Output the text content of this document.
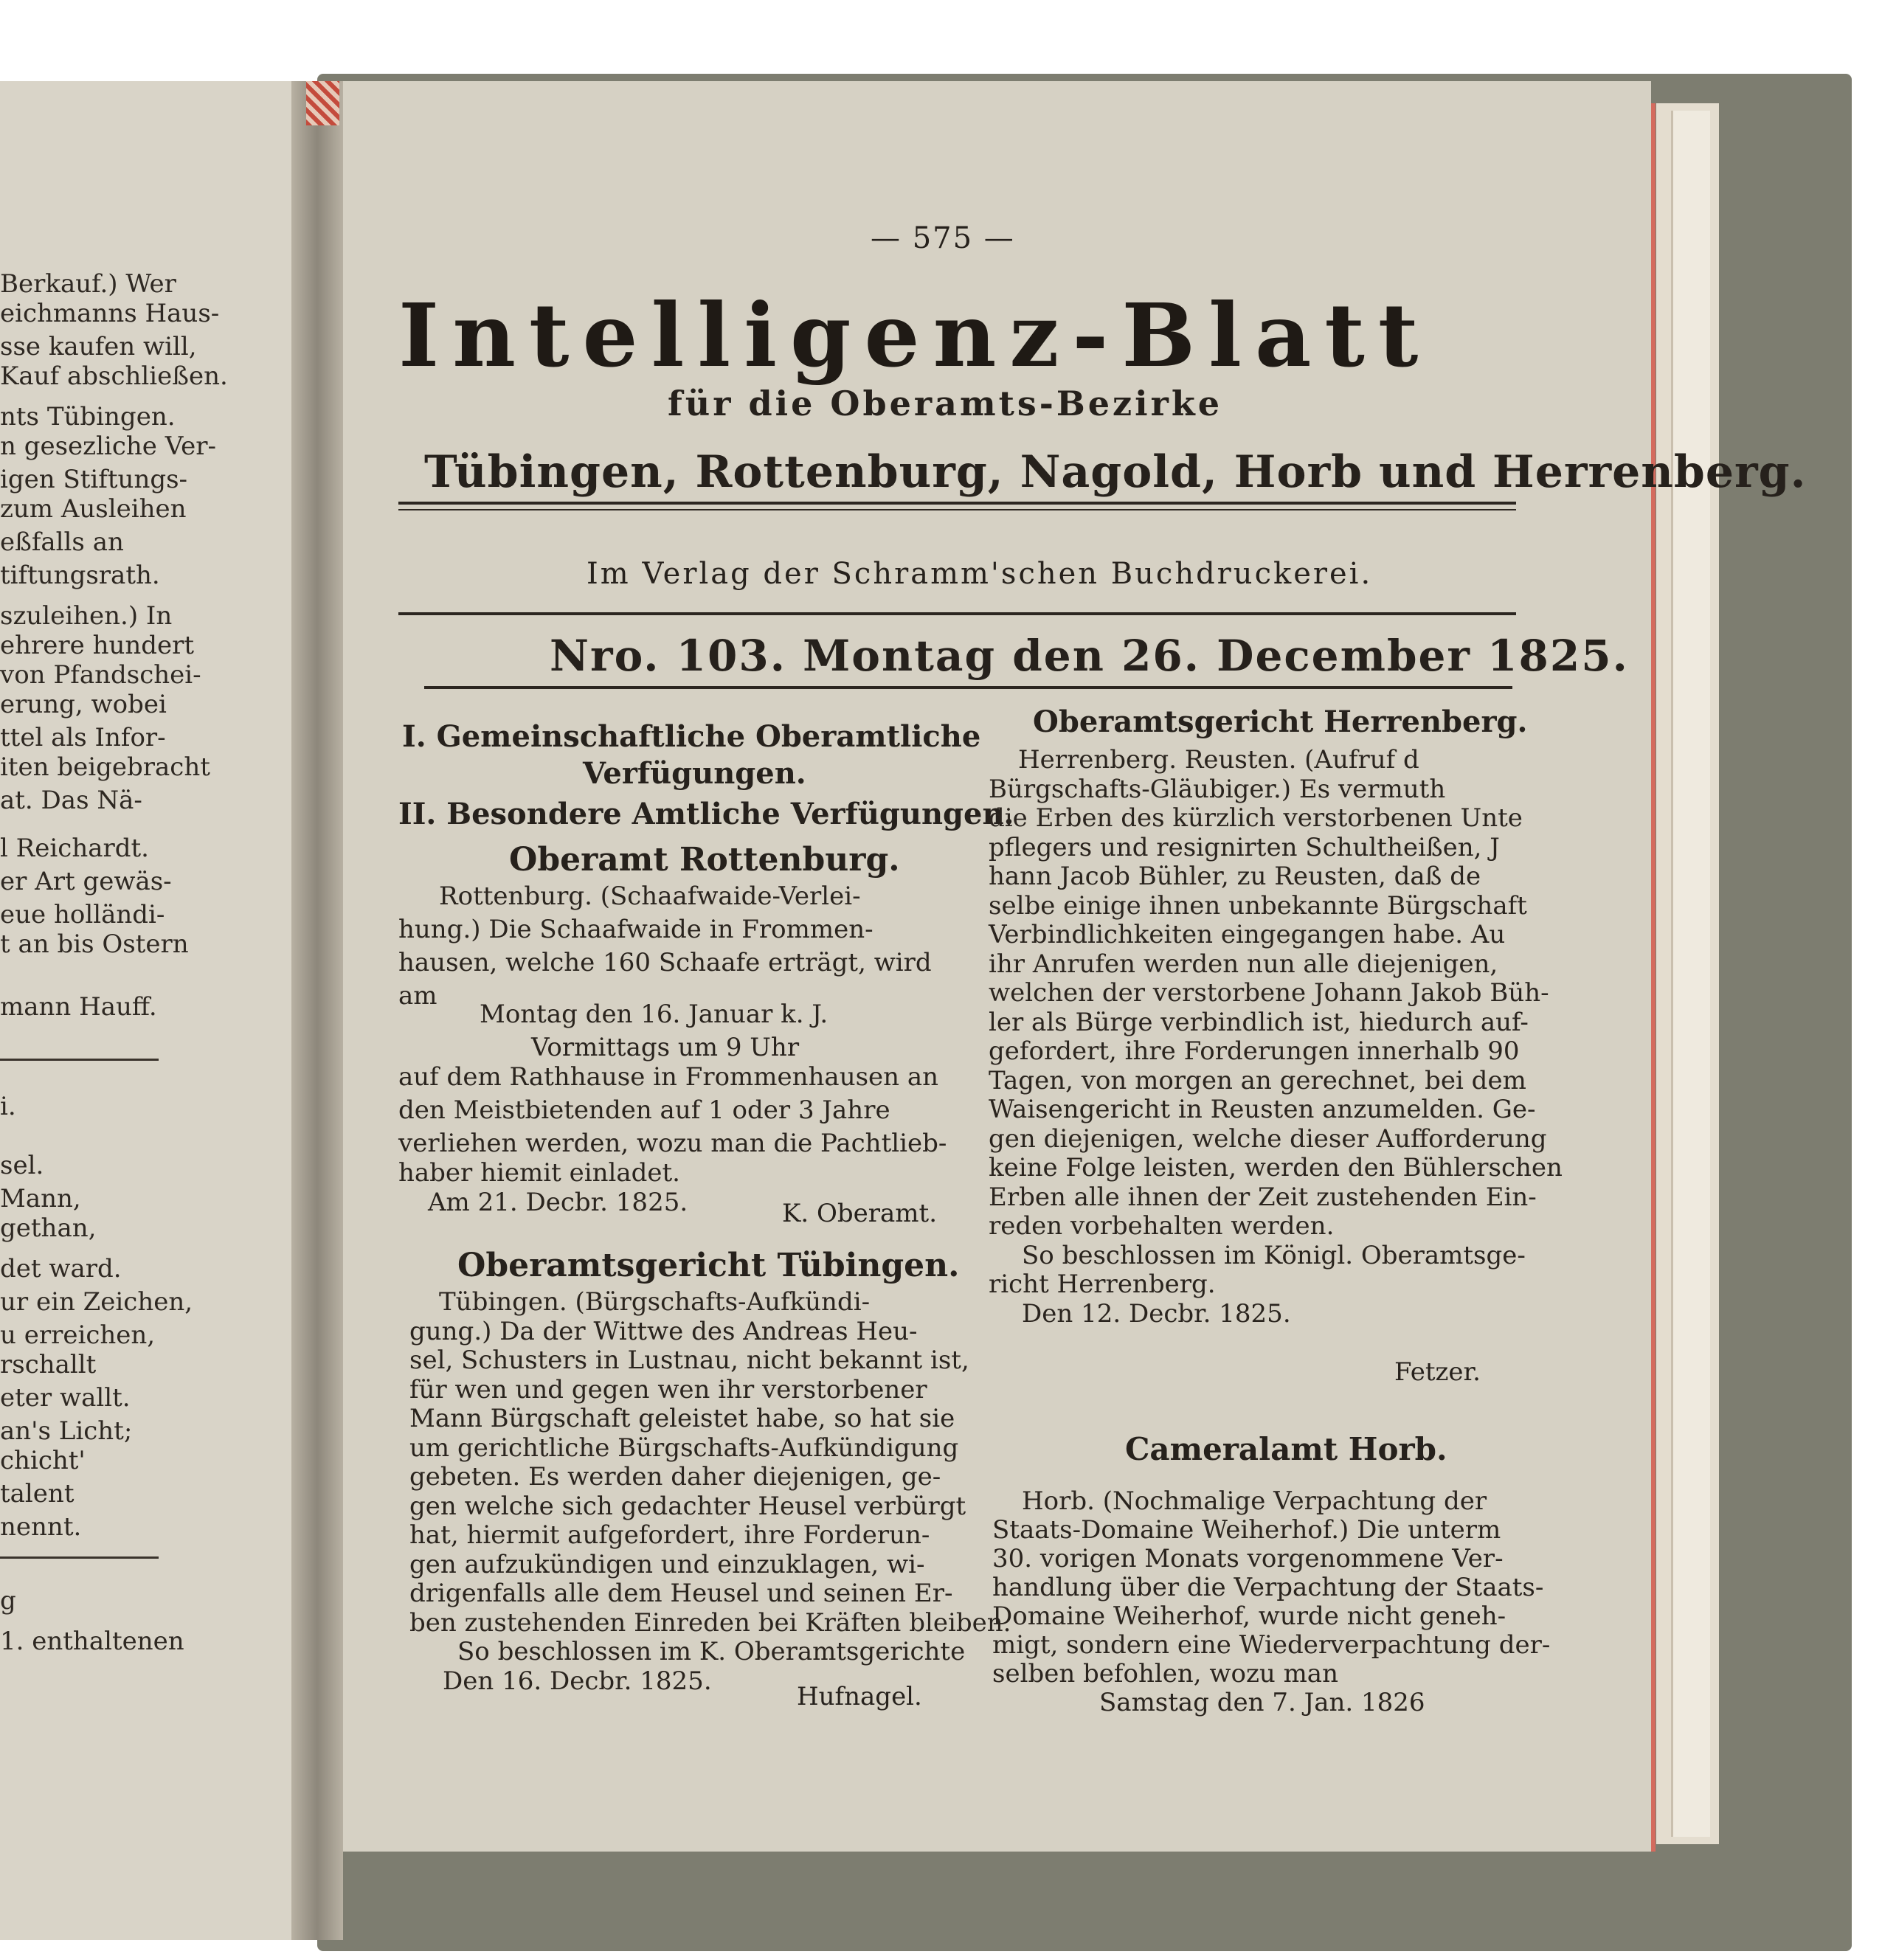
Berkauf.) Wer
eichmanns Haus-
sse kaufen will,
Kauf abschließen.
nts Tübingen.
n gesezliche Ver-
igen Stiftungs-
zum Ausleihen
eßfalls an
tiftungsrath.
szuleihen.) In
ehrere hundert
von Pfandschei-
erung, wobei
ttel als Infor-
iten beigebracht
at. Das Nä-
l Reichardt.
er Art gewäs-
eue holländi-
t an bis Ostern
mann Hauff.
i.
sel.
Mann,
gethan,
det ward.
ur ein Zeichen,
u erreichen,
rschallt
eter wallt.
an's Licht;
chicht'
talent
nennt.
g
1. enthaltenen
— 575 —
Intelligenz-Blatt
für die Oberamts-Bezirke
Tübingen, Rottenburg, Nagold, Horb und Herrenberg.
Im Verlag der Schramm'schen Buchdruckerei.
Nro. 103. Montag den 26. December 1825.
I. Gemeinschaftliche Oberamtliche
Verfügungen.
II. Besondere Amtliche Verfügungen.
Oberamt Rottenburg.
Rottenburg. (Schaafwaide-Verlei-
hung.) Die Schaafwaide in Frommen-
hausen, welche 160 Schaafe erträgt, wird
am
Montag den 16. Januar k. J.
Vormittags um 9 Uhr
auf dem Rathhause in Frommenhausen an
den Meistbietenden auf 1 oder 3 Jahre
verliehen werden, wozu man die Pachtlieb-
haber hiemit einladet.
Am 21. Decbr. 1825.	K. Oberamt.
Oberamtsgericht Tübingen.
Tübingen. (Bürgschafts-Aufkündi-
gung.) Da der Wittwe des Andreas Heu-
sel, Schusters in Lustnau, nicht bekannt ist,
für wen und gegen wen ihr verstorbener
Mann Bürgschaft geleistet habe, so hat sie
um gerichtliche Bürgschafts-Aufkündigung
gebeten. Es werden daher diejenigen, ge-
gen welche sich gedachter Heusel verbürgt
hat, hiermit aufgefordert, ihre Forderun-
gen aufzukündigen und einzuklagen, wi-
drigenfalls alle dem Heusel und seinen Er-
ben zustehenden Einreden bei Kräften bleiben.
So beschlossen im K. Oberamtsgerichte
Den 16. Decbr. 1825.
Hufnagel.
Oberamtsgericht Herrenberg.
Herrenberg. Reusten. (Aufruf d
Bürgschafts-Gläubiger.) Es vermuth
die Erben des kürzlich verstorbenen Unte
pflegers und resignirten Schultheißen, J
hann Jacob Bühler, zu Reusten, daß de
selbe einige ihnen unbekannte Bürgschaft
Verbindlichkeiten eingegangen habe. Au
ihr Anrufen werden nun alle diejenigen,
welchen der verstorbene Johann Jakob Büh-
ler als Bürge verbindlich ist, hiedurch auf-
gefordert, ihre Forderungen innerhalb 90
Tagen, von morgen an gerechnet, bei dem
Waisengericht in Reusten anzumelden. Ge-
gen diejenigen, welche dieser Aufforderung
keine Folge leisten, werden den Bühlerschen
Erben alle ihnen der Zeit zustehenden Ein-
reden vorbehalten werden.
So beschlossen im Königl. Oberamtsge-
richt Herrenberg.
Den 12. Decbr. 1825.
Fetzer.
Cameralamt Horb.
Horb. (Nochmalige Verpachtung der
Staats-Domaine Weiherhof.) Die unterm
30. vorigen Monats vorgenommene Ver-
handlung über die Verpachtung der Staats-
Domaine Weiherhof, wurde nicht geneh-
migt, sondern eine Wiederverpachtung der-
selben befohlen, wozu man
Samstag den 7. Jan. 1826
